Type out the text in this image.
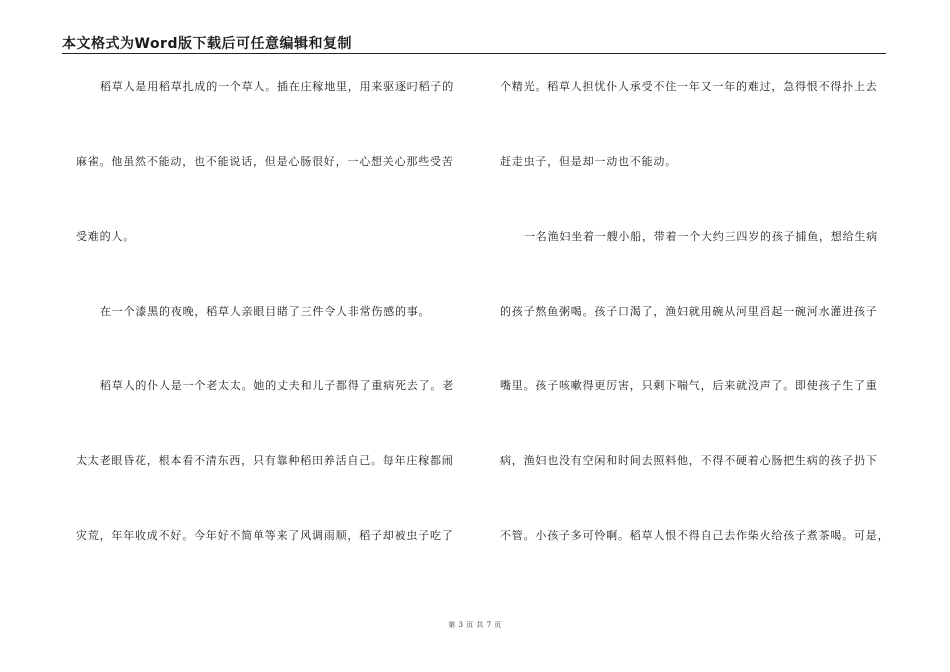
本文格式为Word版下载后可任意编辑和复制
稻草人是用稻草扎成的一个草人。插在庄稼地里，用来驱逐叼稻子的
麻雀。他虽然不能动，也不能说话，但是心肠很好，一心想关心那些受苦
受难的人。
在一个漆黑的夜晚，稻草人亲眼目睹了三件令人非常伤感的事。
稻草人的仆人是一个老太太。她的丈夫和儿子都得了重病死去了。老
太太老眼昏花，根本看不清东西，只有靠种稻田养活自己。每年庄稼都闹
灾荒，年年收成不好。今年好不简单等来了风调雨顺，稻子却被虫子吃了
个精光。稻草人担忧仆人承受不住一年又一年的难过，急得恨不得扑上去
赶走虫子，但是却一动也不能动。
一名渔妇坐着一艘小船，带着一个大约三四岁的孩子捕鱼，想给生病
的孩子熬鱼粥喝。孩子口渴了，渔妇就用碗从河里舀起一碗河水灌进孩子
嘴里。孩子咳嗽得更厉害，只剩下喘气，后来就没声了。即使孩子生了重
病，渔妇也没有空闲和时间去照料他，不得不硬着心肠把生病的孩子扔下
不管。小孩子多可怜啊。稻草人恨不得自己去作柴火给孩子煮茶喝。可是，
第 3 页 共 7 页
